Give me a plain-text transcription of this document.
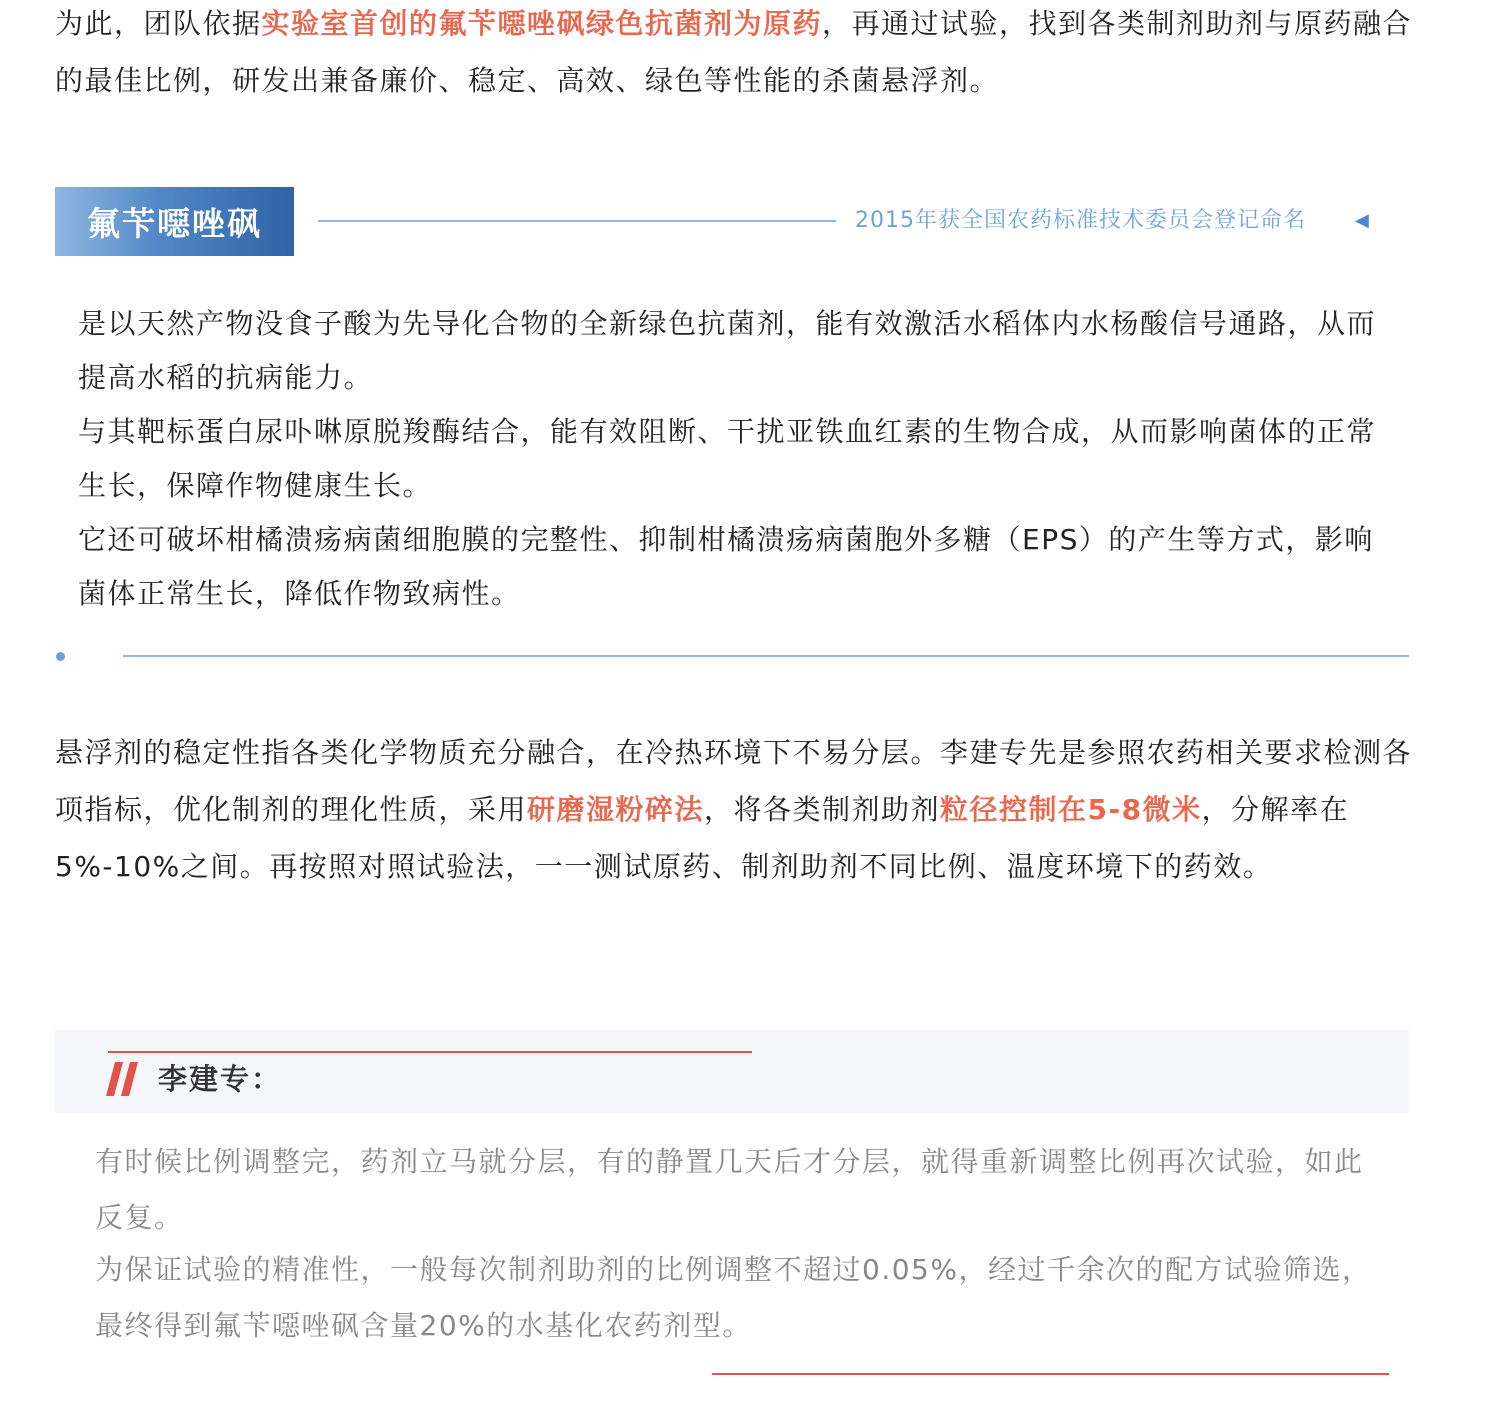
为此，团队依据实验室首创的氟苄噁唑砜绿色抗菌剂为原药，再通过试验，找到各类制剂助剂与原药融合的最佳比例，研发出兼备廉价、稳定、高效、绿色等性能的杀菌悬浮剂。

氟苄噁唑砜	2015年获全国农药标准技术委员会登记命名	◀

是以天然产物没食子酸为先导化合物的全新绿色抗菌剂，能有效激活水稻体内水杨酸信号通路，从而提高水稻的抗病能力。

与其靶标蛋白尿卟啉原脱羧酶结合，能有效阻断、干扰亚铁血红素的生物合成，从而影响菌体的正常生长，保障作物健康生长。

它还可破坏柑橘溃疡病菌细胞膜的完整性、抑制柑橘溃疡病菌胞外多糖（EPS）的产生等方式，影响菌体正常生长，降低作物致病性。

悬浮剂的稳定性指各类化学物质充分融合，在冷热环境下不易分层。李建专先是参照农药相关要求检测各项指标，优化制剂的理化性质，采用研磨湿粉碎法，将各类制剂助剂粒径控制在5-8微米，分解率在5%-10%之间。再按照对照试验法，一一测试原药、制剂助剂不同比例、温度环境下的药效。

李建专：

有时候比例调整完，药剂立马就分层，有的静置几天后才分层，就得重新调整比例再次试验，如此反复。

为保证试验的精准性，一般每次制剂助剂的比例调整不超过0.05%，经过千余次的配方试验筛选，最终得到氟苄噁唑砜含量20%的水基化农药剂型。
